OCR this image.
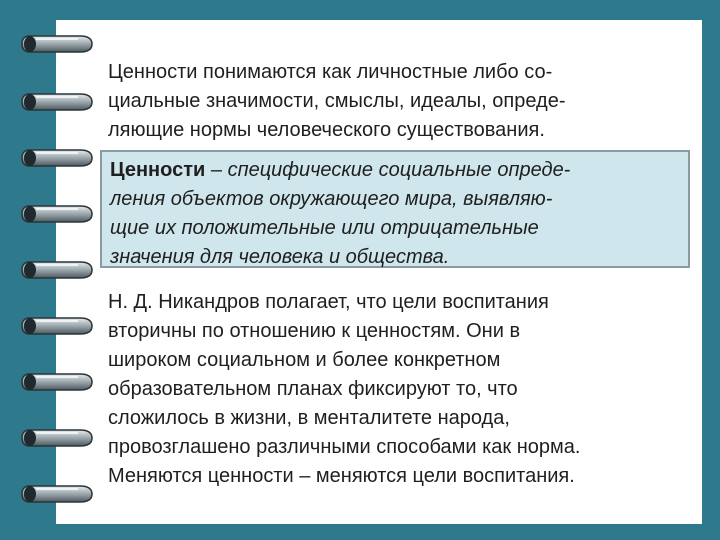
Ценности понимаются как личностные либо со-
циальные значимости, смыслы, идеалы, опреде-
ляющие нормы человеческого существования.
Ценности – специфические социальные опреде-
ления объектов окружающего мира, выявляю-
щие их положительные или отрицательные
значения для человека и общества.
Н. Д. Никандров полагает, что цели воспитания
вторичны по отношению к ценностям. Они в
широком социальном и более конкретном
образовательном планах фиксируют то, что
сложилось в жизни, в менталитете народа,
провозглашено различными способами как норма.
Меняются ценности – меняются цели воспитания.
